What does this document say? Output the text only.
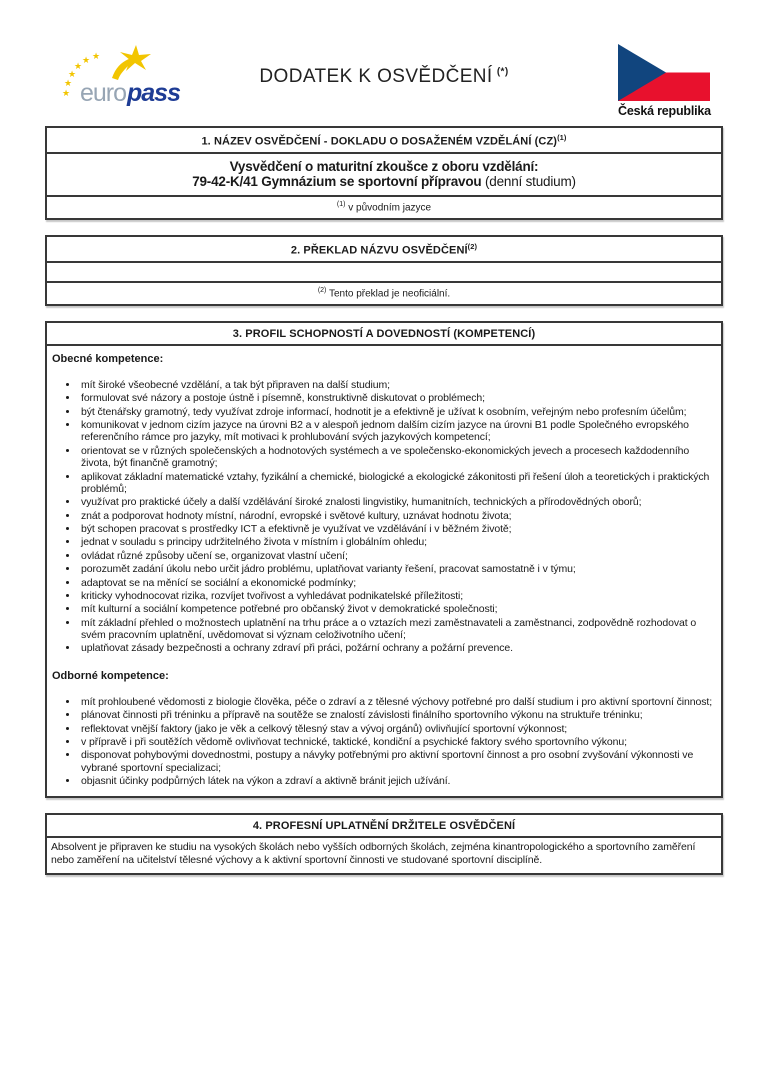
★
★
★
★
★ ★
euro pass
DODATEK K OSVĚDČENÍ  (*)
Česká republika
1. NÁZEV OSVĚDČENÍ - DOKLADU O DOSAŽENÉM VZDĚLÁNÍ (CZ)$^{(1)}$
Vysvědčení o maturitní zkoušce z oboru vzdělání:
79-42-K/41 Gymnázium se sportovní přípravou (denní studium)
$^{(1)}$ v původním jazyce
2. PŘEKLAD NÁZVU OSVĚDČENÍ$^{(2)}$
$^{(2)}$ Tento překlad je neoficiální.
3. PROFIL SCHOPNOSTÍ A DOVEDNOSTÍ (KOMPETENCÍ)
Obecné kompetence:
• mít široké všeobecné vzdělání, a tak být připraven na další studium;
• formulovat své názory a postoje ústně i písemně, konstruktivně diskutovat o problémech;
• být čtenářsky gramotný, tedy využívat zdroje informací, hodnotit je a efektivně je užívat k osobním, veřejným nebo profesním účelům;
• komunikovat v jednom cizím jazyce na úrovni B2 a v alespoň jednom dalším cizím jazyce na úrovni B1 podle Společného evropského referenčního rámce pro jazyky, mít motivaci k prohlubování svých jazykových kompetencí;
• orientovat se v různých společenských a hodnotových systémech a ve společensko-ekonomických jevech a procesech každodenního života, být finančně gramotný;
• aplikovat základní matematické vztahy, fyzikální a chemické, biologické a ekologické zákonitosti při řešení úloh a teoretických i praktických problémů;
• využívat pro praktické účely a další vzdělávání široké znalosti lingvistiky, humanitních, technických a přírodovědných oborů;
• znát a podporovat hodnoty místní, národní, evropské i světové kultury, uznávat hodnotu života;
• být schopen pracovat s prostředky ICT a efektivně je využívat ve vzdělávání i v běžném životě;
• jednat v souladu s principy udržitelného života v místním i globálním ohledu;
• ovládat různé způsoby učení se, organizovat vlastní učení;
• porozumět zadání úkolu nebo určit jádro problému, uplatňovat varianty řešení, pracovat samostatně i v týmu;
• adaptovat se na měnící se sociální a ekonomické podmínky;
• kriticky vyhodnocovat rizika, rozvíjet tvořivost a vyhledávat podnikatelské příležitosti;
• mít kulturní a sociální kompetence potřebné pro občanský život v demokratické společnosti;
• mít základní přehled o možnostech uplatnění na trhu práce a o vztazích mezi zaměstnavateli a zaměstnanci, zodpovědně rozhodovat o svém pracovním uplatnění, uvědomovat si význam celoživotního učení;
• uplatňovat zásady bezpečnosti a ochrany zdraví při práci, požární ochrany a požární prevence.
Odborné kompetence:
• mít prohloubené vědomosti z biologie člověka, péče o zdraví a z tělesné výchovy potřebné pro další studium i pro aktivní sportovní činnost;
• plánovat činnosti při tréninku a přípravě na soutěže se znalostí závislosti finálního sportovního výkonu na struktuře tréninku;
• reflektovat vnější faktory (jako je věk a celkový tělesný stav a vývoj orgánů) ovlivňující sportovní výkonnost;
• v přípravě i při soutěžích vědomě ovlivňovat technické, taktické, kondiční a psychické faktory svého sportovního výkonu;
• disponovat pohybovými dovednostmi, postupy a návyky potřebnými pro aktivní sportovní činnost a pro osobní zvyšování výkonnosti ve vybrané sportovní specializaci;
• objasnit účinky podpůrných látek na výkon a zdraví a aktivně bránit jejich užívání.
4. PROFESNÍ UPLATNĚNÍ DRŽITELE OSVĚDČENÍ
Absolvent je připraven ke studiu na vysokých školách nebo vyšších odborných školách, zejména kinantropologického a sportovního zaměření nebo zaměření na učitelství tělesné výchovy a k aktivní sportovní činnosti ve studované sportovní disciplíně.
